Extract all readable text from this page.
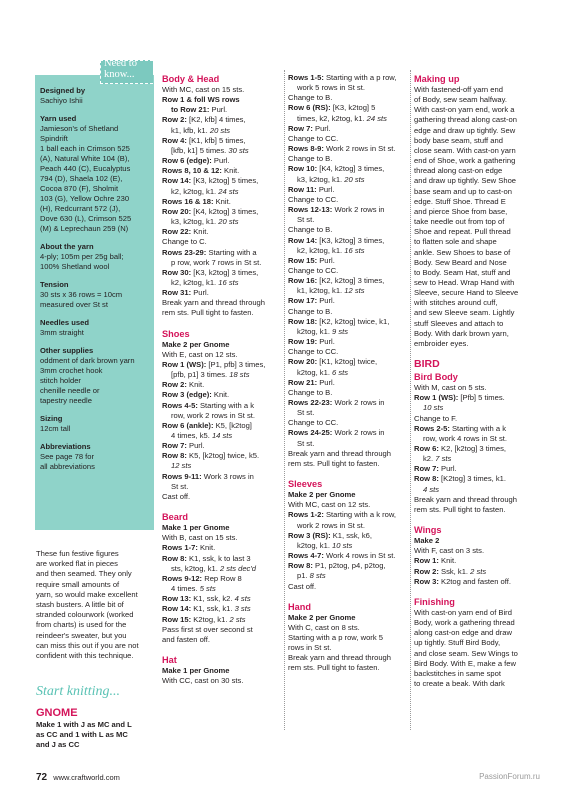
Need to
know...
Designed by
Sachiyo Ishii
Yarn used
Jamieson's of Shetland
Spindrift
1 ball each in Crimson 525
(A), Natural White 104 (B),
Peach 440 (C), Eucalyptus
794 (D), Shaela 102 (E),
Cocoa 870 (F), Sholmit
103 (G), Yellow Ochre 230
(H), Redcurrant 572 (J),
Dove 630 (L), Crimson 525
(M) & Leprechaun 259 (N)
About the yarn
4-ply; 105m per 25g ball;
100% Shetland wool
Tension
30 sts x 36 rows = 10cm
measured over St st
Needles used
3mm straight
Other supplies
oddment of dark brown yarn
3mm crochet hook
stitch holder
chenille needle or
tapestry needle
Sizing
12cm tall
Abbreviations
See page 78 for
all abbreviations
These fun festive figures
are worked flat in pieces
and then seamed. They only
require small amounts of
yarn, so would make excellent
stash busters. A little bit of
stranded colourwork (worked
from charts) is used for the
reindeer's sweater, but you
can miss this out if you are not
confident with this technique.
Start knitting...
GNOME
Make 1 with J as MC and L
as CC and 1 with L as MC
and J as CC
Body & Head
With MC, cast on 15 sts.
Row 1 & foll WS rows
to Row 21: Purl.
Row 2: [K2, kfb] 4 times,
k1, kfb, k1. 20 sts
Row 4: [K1, kfb] 5 times,
[kfb, k1] 5 times. 30 sts
Row 6 (edge): Purl.
Rows 8, 10 & 12: Knit.
Row 14: [K3, k2tog] 5 times,
k2, k2tog, k1. 24 sts
Rows 16 & 18: Knit.
Row 20: [K4, k2tog] 3 times,
k3, k2tog, k1. 20 sts
Row 22: Knit.
Change to C.
Rows 23-29: Starting with a
p row, work 7 rows in St st.
Row 30: [K3, k2tog] 3 times,
k2, k2tog, k1. 16 sts
Row 31: Purl.
Break yarn and thread through
rem sts. Pull tight to fasten.
Shoes
Make 2 per Gnome
With E, cast on 12 sts.
Row 1 (WS): [P1, pfb] 3 times,
[pfb, p1] 3 times. 18 sts
Row 2: Knit.
Row 3 (edge): Knit.
Rows 4-5: Starting with a k
row, work 2 rows in St st.
Row 6 (ankle): K5, [k2tog]
4 times, k5. 14 sts
Row 7: Purl.
Row 8: K5, [k2tog] twice, k5.
12 sts
Rows 9-11: Work 3 rows in
St st.
Cast off.
Beard
Make 1 per Gnome
With B, cast on 15 sts.
Rows 1-7: Knit.
Row 8: K1, ssk, k to last 3
sts, k2tog, k1. 2 sts dec'd
Rows 9-12: Rep Row 8
4 times. 5 sts
Row 13: K1, ssk, k2. 4 sts
Row 14: K1, ssk, k1. 3 sts
Row 15: K2tog, k1. 2 sts
Pass first st over second st
and fasten off.
Hat
Make 1 per Gnome
With CC, cast on 30 sts.
Rows 1-5: Starting with a p row,
work 5 rows in St st.
Change to B.
Row 6 (RS): [K3, k2tog] 5
times, k2, k2tog, k1. 24 sts
Row 7: Purl.
Change to CC.
Rows 8-9: Work 2 rows in St st.
Change to B.
Row 10: [K4, k2tog] 3 times,
k3, k2tog, k1. 20 sts
Row 11: Purl.
Change to CC.
Rows 12-13: Work 2 rows in
St st.
Change to B.
Row 14: [K3, k2tog] 3 times,
k2, k2tog, k1. 16 sts
Row 15: Purl.
Change to CC.
Row 16: [K2, k2tog] 3 times,
k1, k2tog, k1. 12 sts
Row 17: Purl.
Change to B.
Row 18: [K2, k2tog] twice, k1,
k2tog, k1. 9 sts
Row 19: Purl.
Change to CC.
Row 20: [K1, k2tog] twice,
k2tog, k1. 6 sts
Row 21: Purl.
Change to B.
Rows 22-23: Work 2 rows in
St st.
Change to CC.
Rows 24-25: Work 2 rows in
St st.
Break yarn and thread through
rem sts. Pull tight to fasten.
Sleeves
Make 2 per Gnome
With MC, cast on 12 sts.
Rows 1-2: Starting with a k row,
work 2 rows in St st.
Row 3 (RS): K1, ssk, k6,
k2tog, k1. 10 sts
Rows 4-7: Work 4 rows in St st.
Row 8: P1, p2tog, p4, p2tog,
p1. 8 sts
Cast off.
Hand
Make 2 per Gnome
With C, cast on 8 sts.
Starting with a p row, work 5
rows in St st.
Break yarn and thread through
rem sts. Pull tight to fasten.
Making up
With fastened-off yarn end
of Body, sew seam halfway.
With cast-on yarn end, work a
gathering thread along cast-on
edge and draw up tightly. Sew
body base seam, stuff and
close seam. With cast-on yarn
end of Shoe, work a gathering
thread along cast-on edge
and draw up tightly. Sew Shoe
base seam and up to cast-on
edge. Stuff Shoe. Thread E
and pierce Shoe from base,
take needle out from top of
Shoe and repeat. Pull thread
to flatten sole and shape
ankle. Sew Shoes to base of
Body. Sew Beard and Nose
to Body. Seam Hat, stuff and
sew to Head. Wrap Hand with
Sleeve, secure Hand to Sleeve
with stitches around cuff,
and sew Sleeve seam. Lightly
stuff Sleeves and attach to
Body. With dark brown yarn,
embroider eyes.
BIRD
Bird Body
With M, cast on 5 sts.
Row 1 (WS): [Pfb] 5 times.
10 sts
Change to F.
Rows 2-5: Starting with a k
row, work 4 rows in St st.
Row 6: K2, [k2tog] 3 times,
k2. 7 sts
Row 7: Purl.
Row 8: [K2tog] 3 times, k1.
4 sts
Break yarn and thread through
rem sts. Pull tight to fasten.
Wings
Make 2
With F, cast on 3 sts.
Row 1: Knit.
Row 2: Ssk, k1. 2 sts
Row 3: K2tog and fasten off.
Finishing
With cast-on yarn end of Bird
Body, work a gathering thread
along cast-on edge and draw
up tightly. Stuff Bird Body,
and close seam. Sew Wings to
Bird Body. With E, make a few
backstitches in same spot
to create a beak. With dark
72 www.craftworld.com	PassionForum.ru
